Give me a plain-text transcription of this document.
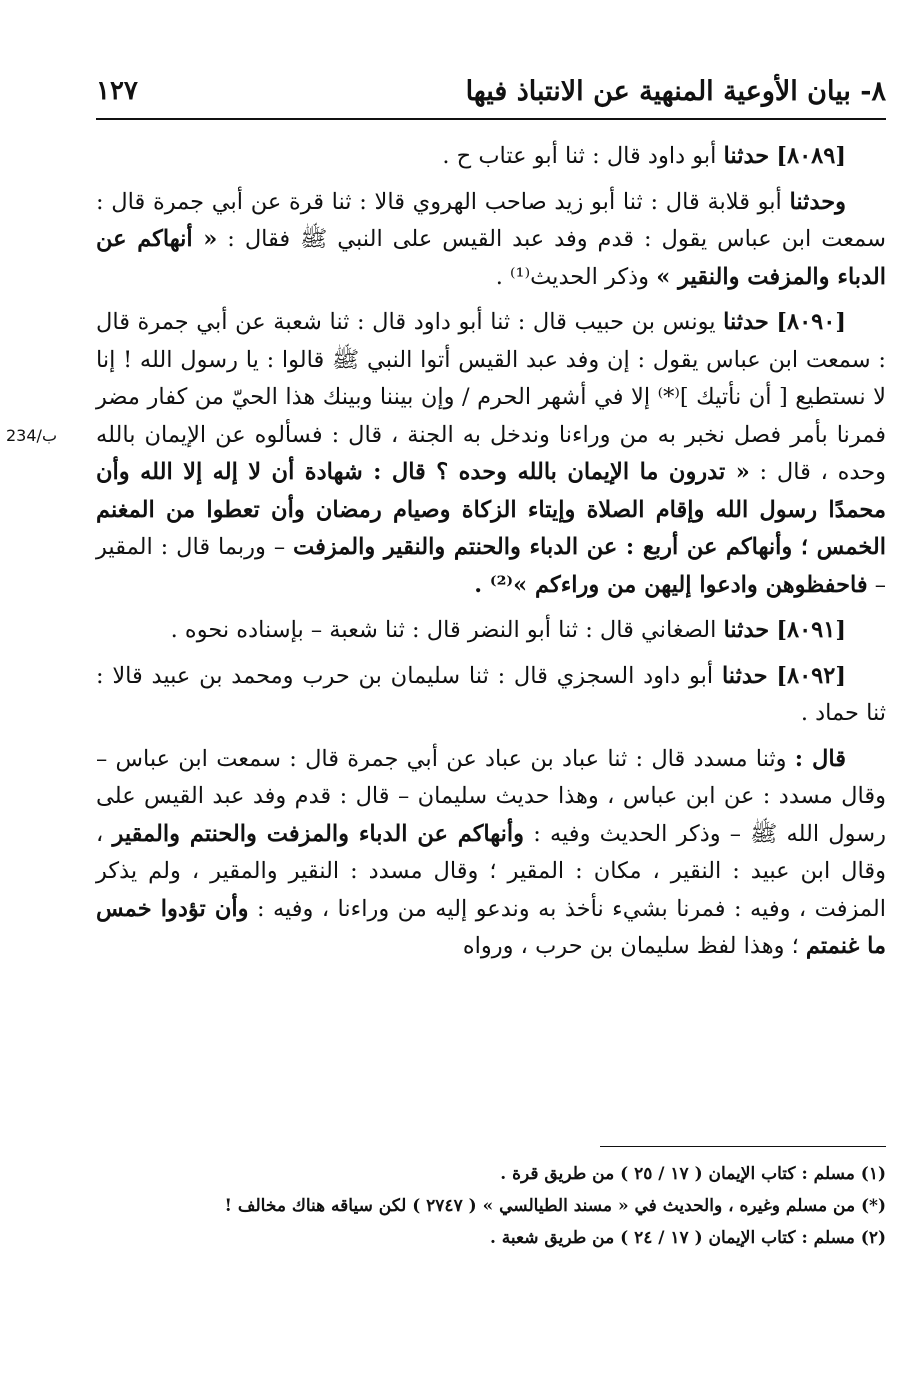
٨- بيان الأوعية المنهية عن الانتباذ فيها
١٢٧
234/ب

[٨٠٨٩] حدثنا أبو داود قال : ثنا أبو عتاب ح .

وحدثنا أبو قلابة قال : ثنا أبو زيد صاحب الهروي قالا : ثنا قرة عن أبي جمرة قال : سمعت ابن عباس يقول : قدم وفد عبد القيس على النبي ﷺ فقال : « أنهاكم عن الدباء والمزفت والنقير » وذكر الحديث⁽¹⁾ .

[٨٠٩٠] حدثنا يونس بن حبيب قال : ثنا أبو داود قال : ثنا شعبة عن أبي جمرة قال : سمعت ابن عباس يقول : إن وفد عبد القيس أتوا النبي ﷺ قالوا : يا رسول الله ! إنا لا نستطيع [ أن نأتيك ]⁽*⁾ إلا في أشهر الحرم / وإن بيننا وبينك هذا الحيّ من كفار مضر فمرنا بأمر فصل نخبر به من وراءنا وندخل به الجنة ، قال : فسألوه عن الإيمان بالله وحده ، قال : « تدرون ما الإيمان بالله وحده ؟ قال : شهادة أن لا إله إلا الله وأن محمدًا رسول الله وإقام الصلاة وإيتاء الزكاة وصيام رمضان وأن تعطوا من المغنم الخمس ؛ وأنهاكم عن أربع : عن الدباء والحنتم والنقير والمزفت – وربما قال : المقير – فاحفظوهن وادعوا إليهن من وراءكم »⁽²⁾ .

[٨٠٩١] حدثنا الصغاني قال : ثنا أبو النضر قال : ثنا شعبة – بإسناده نحوه .

[٨٠٩٢] حدثنا أبو داود السجزي قال : ثنا سليمان بن حرب ومحمد بن عبيد قالا : ثنا حماد .

قال : وثنا مسدد قال : ثنا عباد بن عباد عن أبي جمرة قال : سمعت ابن عباس – وقال مسدد : عن ابن عباس ، وهذا حديث سليمان – قال : قدم وفد عبد القيس على رسول الله ﷺ – وذكر الحديث وفيه : وأنهاكم عن الدباء والمزفت والحنتم والمقير ، وقال ابن عبيد : النقير ، مكان : المقير ؛ وقال مسدد : النقير والمقير ، ولم يذكر المزفت ، وفيه : فمرنا بشيء نأخذ به وندعو إليه من وراءنا ، وفيه : وأن تؤدوا خمس ما غنمتم ؛ وهذا لفظ سليمان بن حرب ، ورواه

(١) مسلم : كتاب الإيمان ( ١٧ / ٢٥ ) من طريق قرة .
(*) من مسلم وغيره ، والحديث في « مسند الطيالسي » ( ٢٧٤٧ ) لكن سياقه هناك مخالف !
(٢) مسلم : كتاب الإيمان ( ١٧ / ٢٤ ) من طريق شعبة .
